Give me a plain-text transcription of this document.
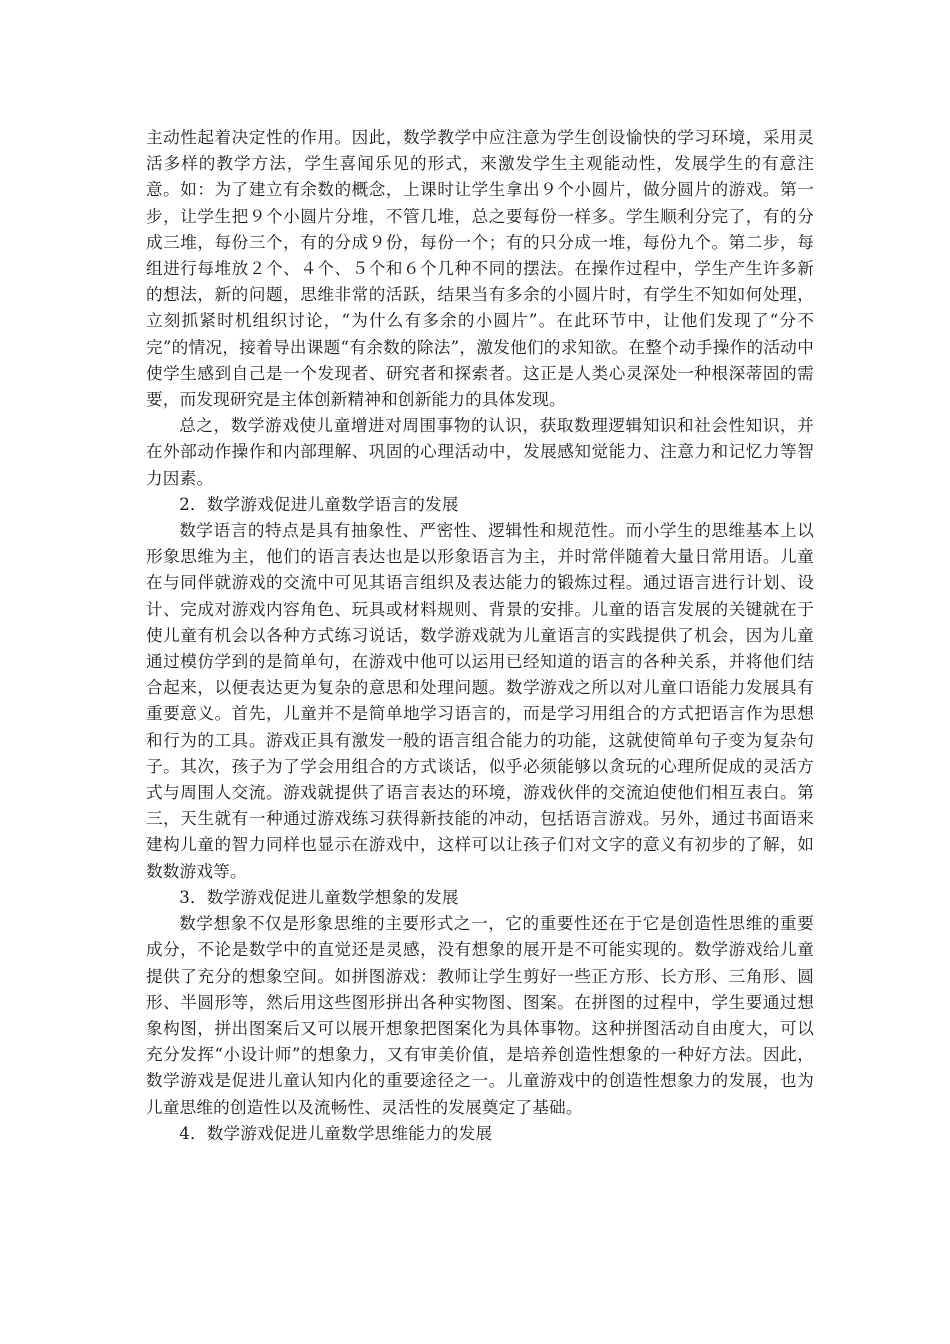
主动性起着决定性的作用。因此，数学教学中应注意为学生创设愉快的学习环境，采用灵活多样的教学方法，学生喜闻乐见的形式，来激发学生主观能动性，发展学生的有意注意。如：为了建立有余数的概念，上课时让学生拿出９个小圆片，做分圆片的游戏。第一步，让学生把９个小圆片分堆，不管几堆，总之要每份一样多。学生顺利分完了，有的分成三堆，每份三个，有的分成９份，每份一个；有的只分成一堆，每份九个。第二步，每组进行每堆放２个、４个、５个和６个几种不同的摆法。在操作过程中，学生产生许多新的想法，新的问题，思维非常的活跃，结果当有多余的小圆片时，有学生不知如何处理，立刻抓紧时机组织讨论，“为什么有多余的小圆片”。在此环节中，让他们发现了“分不完”的情况，接着导出课题“有余数的除法”，激发他们的求知欲。在整个动手操作的活动中使学生感到自己是一个发现者、研究者和探索者。这正是人类心灵深处一种根深蒂固的需要，而发现研究是主体创新精神和创新能力的具体发现。

总之，数学游戏使儿童增进对周围事物的认识，获取数理逻辑知识和社会性知识，并在外部动作操作和内部理解、巩固的心理活动中，发展感知觉能力、注意力和记忆力等智力因素。

2．数学游戏促进儿童数学语言的发展

数学语言的特点是具有抽象性、严密性、逻辑性和规范性。而小学生的思维基本上以形象思维为主，他们的语言表达也是以形象语言为主，并时常伴随着大量日常用语。儿童在与同伴就游戏的交流中可见其语言组织及表达能力的锻炼过程。通过语言进行计划、设计、完成对游戏内容角色、玩具或材料规则、背景的安排。儿童的语言发展的关键就在于使儿童有机会以各种方式练习说话，数学游戏就为儿童语言的实践提供了机会，因为儿童通过模仿学到的是简单句，在游戏中他可以运用已经知道的语言的各种关系，并将他们结合起来，以便表达更为复杂的意思和处理问题。数学游戏之所以对儿童口语能力发展具有重要意义。首先，儿童并不是简单地学习语言的，而是学习用组合的方式把语言作为思想和行为的工具。游戏正具有激发一般的语言组合能力的功能，这就使简单句子变为复杂句子。其次，孩子为了学会用组合的方式谈话，似乎必须能够以贪玩的心理所促成的灵活方式与周围人交流。游戏就提供了语言表达的环境，游戏伙伴的交流迫使他们相互表白。第三，天生就有一种通过游戏练习获得新技能的冲动，包括语言游戏。另外，通过书面语来建构儿童的智力同样也显示在游戏中，这样可以让孩子们对文字的意义有初步的了解，如数数游戏等。

3．数学游戏促进儿童数学想象的发展

数学想象不仅是形象思维的主要形式之一，它的重要性还在于它是创造性思维的重要成分，不论是数学中的直觉还是灵感，没有想象的展开是不可能实现的。数学游戏给儿童提供了充分的想象空间。如拼图游戏：教师让学生剪好一些正方形、长方形、三角形、圆形、半圆形等，然后用这些图形拼出各种实物图、图案。在拼图的过程中，学生要通过想象构图，拼出图案后又可以展开想象把图案化为具体事物。这种拼图活动自由度大，可以充分发挥“小设计师”的想象力，又有审美价值，是培养创造性想象的一种好方法。因此，数学游戏是促进儿童认知内化的重要途径之一。儿童游戏中的创造性想象力的发展，也为儿童思维的创造性以及流畅性、灵活性的发展奠定了基础。

4．数学游戏促进儿童数学思维能力的发展
